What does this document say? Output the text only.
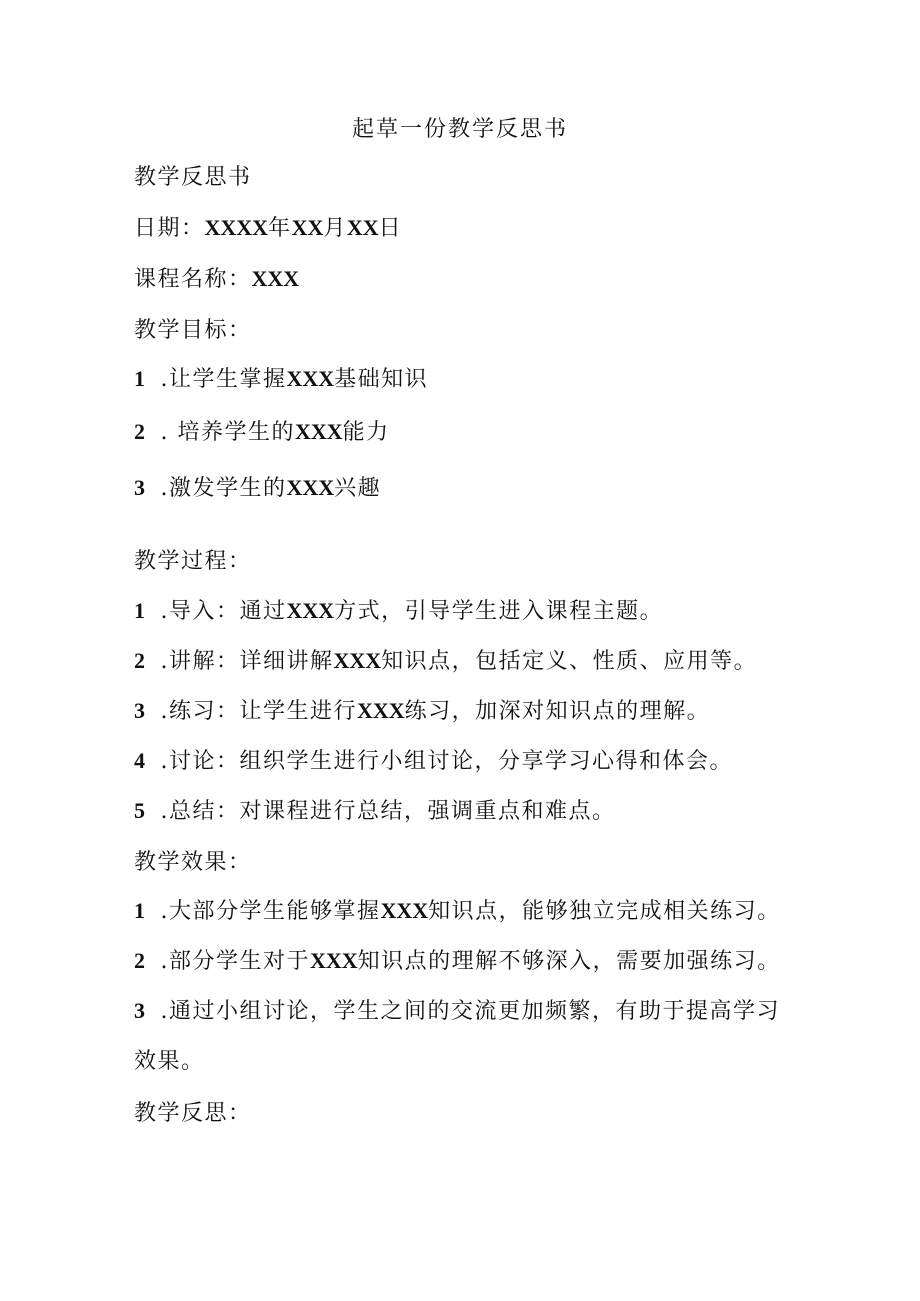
起草一份教学反思书
教学反思书
日期：XXXX年XX月XX日
课程名称：XXX
教学目标：
1 .让学生掌握XXX基础知识
2 . 培养学生的XXX能力
3 .激发学生的XXX兴趣
教学过程：
1 .导入：通过XXX方式，引导学生进入课程主题。
2 .讲解：详细讲解XXX知识点，包括定义、性质、应用等。
3 .练习：让学生进行XXX练习，加深对知识点的理解。
4 .讨论：组织学生进行小组讨论，分享学习心得和体会。
5 .总结：对课程进行总结，强调重点和难点。
教学效果：
1 .大部分学生能够掌握XXX知识点，能够独立完成相关练习。
2 .部分学生对于XXX知识点的理解不够深入，需要加强练习。
3 .通过小组讨论，学生之间的交流更加频繁，有助于提高学习
效果。
教学反思：
